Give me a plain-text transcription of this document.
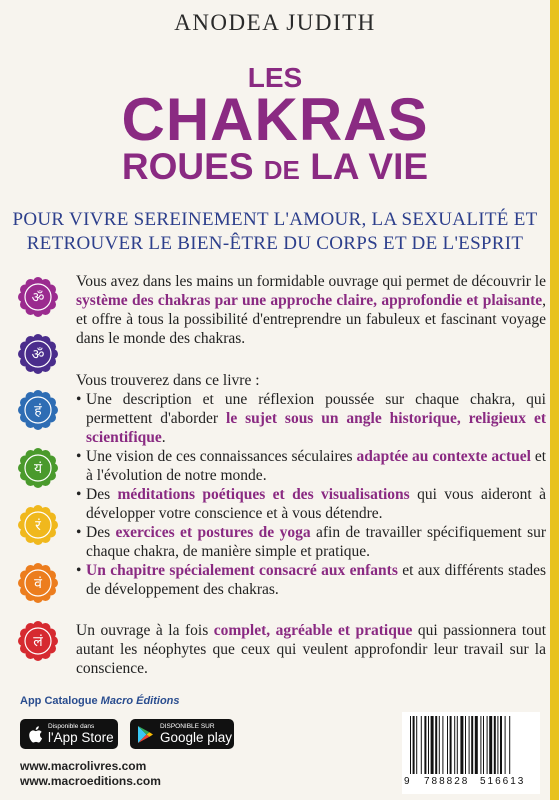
ANODEA JUDITH
LES
CHAKRAS
ROUES DE LA VIE
POUR VIVRE SEREINEMENT L'AMOUR, LA SEXUALITÉ ET
RETROUVER LE BIEN-ÊTRE DU CORPS ET DE L'ESPRIT
ॐ
ॐ
हं
यं
रं
वं
लं
Vous avez dans les mains un formidable ouvrage qui permet de découvrir le système des chakras par une approche claire, approfondie et plaisante, et offre à tous la possibilité d'entreprendre un fabuleux et fascinant voyage dans le monde des chakras.
Vous trouverez dans ce livre :
• Une description et une réflexion poussée sur chaque chakra, qui permettent d'aborder le sujet sous un angle historique, religieux et scientifique.
• Une vision de ces connaissances séculaires adaptée au contexte actuel et à l'évolution de notre monde.
• Des méditations poétiques et des visualisations qui vous aideront à développer votre conscience et à vous détendre.
• Des exercices et postures de yoga afin de travailler spécifiquement sur chaque chakra, de manière simple et pratique.
• Un chapitre spécialement consacré aux enfants et aux différents stades de développement des chakras.
Un ouvrage à la fois complet, agréable et pratique qui passionnera tout autant les néophytes que ceux qui veulent approfondir leur travail sur la conscience.
App Catalogue Macro Éditions
Disponible dans
l'App Store
DISPONIBLE SUR
Google play
www.macrolivres.com
www.macroeditions.com	9 788828 516613
